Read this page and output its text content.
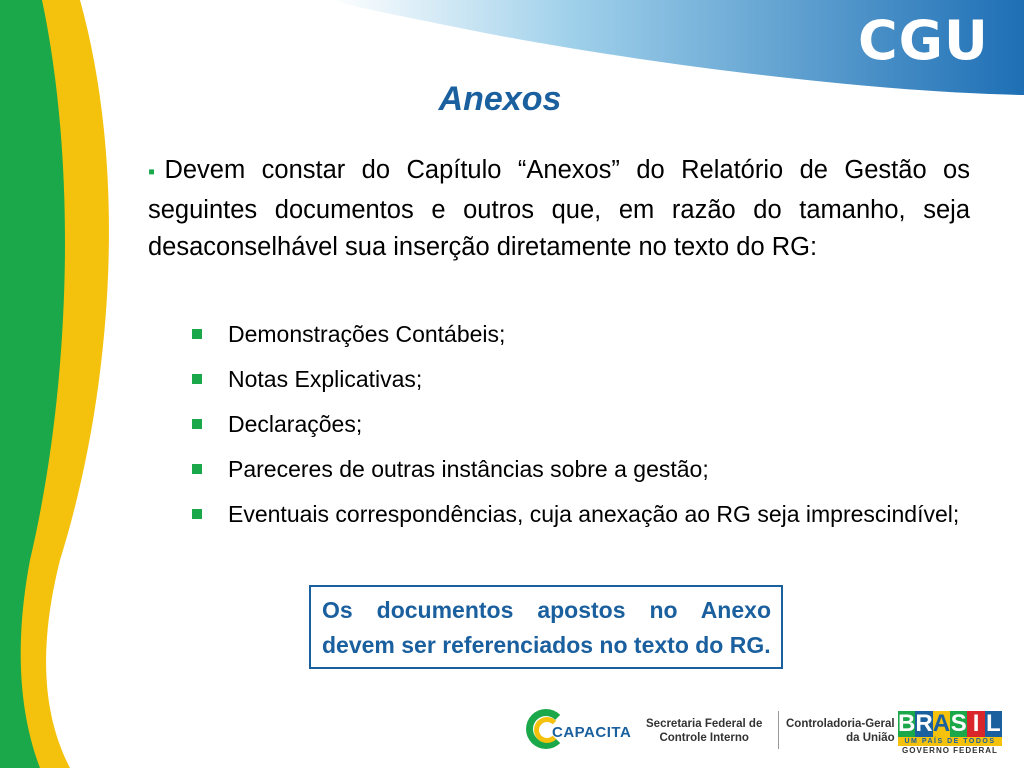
CGU
Anexos
▪Devem constar do Capítulo “Anexos” do Relatório de Gestão os seguintes documentos e outros que, em razão do tamanho, seja desaconselhável sua inserção diretamente no texto do RG:
Demonstrações Contábeis;
Notas Explicativas;
Declarações;
Pareceres de outras instâncias sobre a gestão;
Eventuais correspondências, cuja anexação ao RG seja imprescindível;
Os documentos apostos no Anexo devem ser referenciados no texto do RG.
CAPACITA Secretaria Federal de
Controle Interno
Controladoria-Geral
da União
B R A S I L
UM PAÍS DE TODOS
GOVERNO FEDERAL
